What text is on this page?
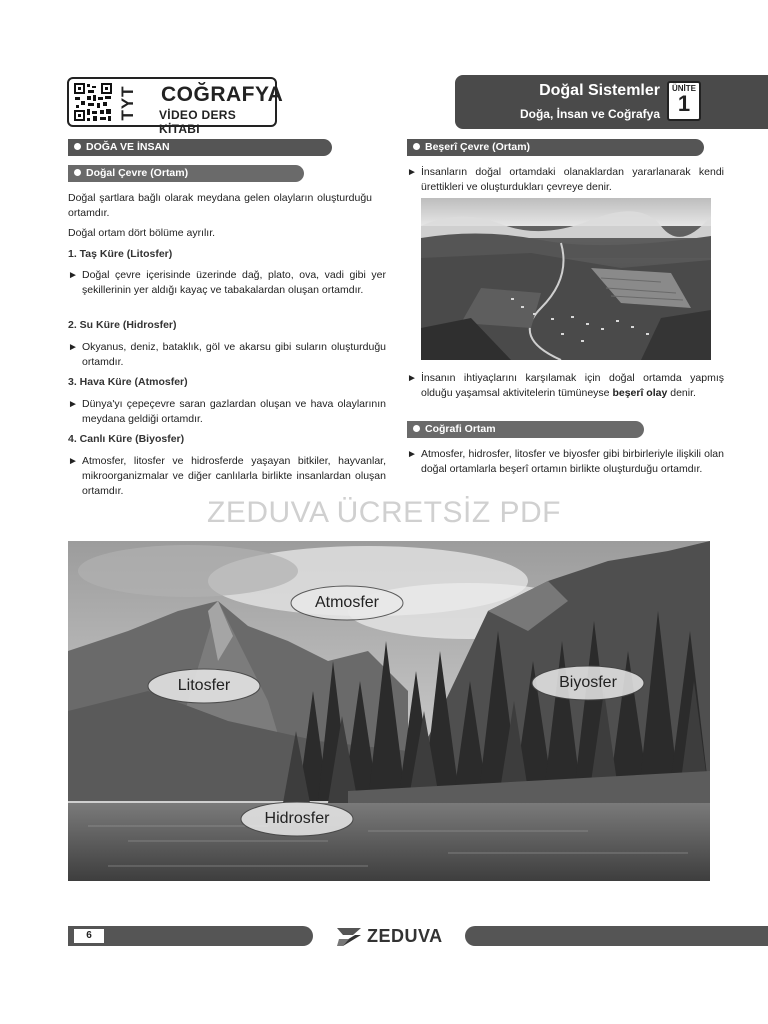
TYT COĞRAFYA
VİDEO DERS KİTABI
Doğal Sistemler
Doğa, İnsan ve Coğrafya
ÜNİTE
1
DOĞA VE İNSAN
Doğal Çevre (Ortam)
Doğal şartlara bağlı olarak meydana gelen olayların oluşturduğu ortamdır.
Doğal ortam dört bölüme ayrılır.
1. Taş Küre (Litosfer)
► Doğal çevre içerisinde üzerinde dağ, plato, ova, vadi gibi yer şekillerinin yer aldığı kayaç ve tabakalardan oluşan ortamdır.
2. Su Küre (Hidrosfer)
► Okyanus, deniz, bataklık, göl ve akarsu gibi suların oluşturduğu ortamdır.
3. Hava Küre (Atmosfer)
► Dünya'yı çepeçevre saran gazlardan oluşan ve hava olaylarının meydana geldiği ortamdır.
4. Canlı Küre (Biyosfer)
► Atmosfer, litosfer ve hidrosferde yaşayan bitkiler, hayvanlar, mikroorganizmalar ve diğer canlılarla birlikte insanlardan oluşan ortamdır.
Beşerî Çevre (Ortam)
► İnsanların doğal ortamdaki olanaklardan yararlanarak kendi ürettikleri ve oluşturdukları çevreye denir.
► İnsanın ihtiyaçlarını karşılamak için doğal ortamda yapmış olduğu yaşamsal aktivitelerin tümüneyse beşerî olay denir.
Coğrafi Ortam
► Atmosfer, hidrosfer, litosfer ve biyosfer gibi birbirleriyle ilişkili olan doğal ortamlarla beşerî ortamın birlikte oluşturduğu ortamdır.
ZEDUVA ÜCRETSİZ PDF
Atmosfer
Litosfer	Biyosfer
Hidrosfer
6	ZEDUVA
